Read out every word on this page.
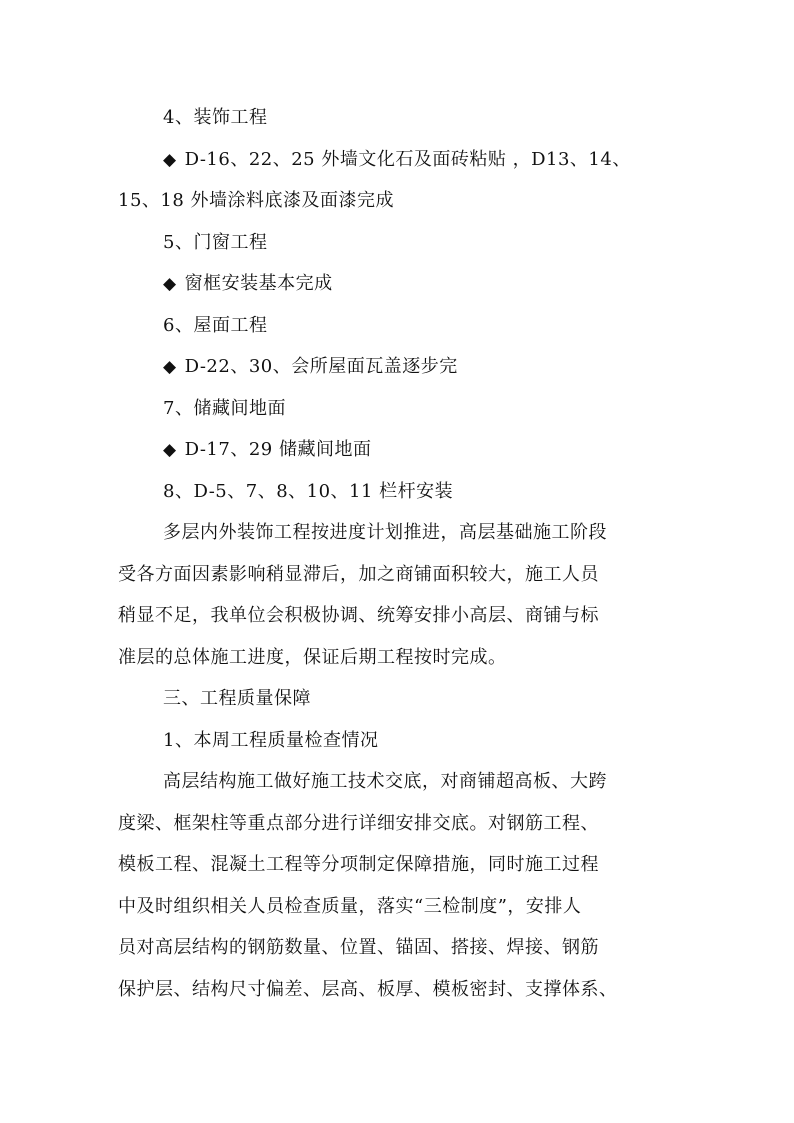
4、装饰工程
◆ D-16、22、25 外墙文化石及面砖粘贴 ，D13、14、
15、18 外墙涂料底漆及面漆完成
5、门窗工程
◆ 窗框安装基本完成
6、屋面工程
◆ D-22、30、会所屋面瓦盖逐步完
7、储藏间地面
◆ D-17、29 储藏间地面
8、D-5、7、8、10、11 栏杆安装
多层内外装饰工程按进度计划推进，高层基础施工阶段
受各方面因素影响稍显滞后，加之商铺面积较大，施工人员
稍显不足，我单位会积极协调、统筹安排小高层、商铺与标
准层的总体施工进度，保证后期工程按时完成。
三、工程质量保障
1、本周工程质量检查情况
高层结构施工做好施工技术交底，对商铺超高板、大跨
度梁、框架柱等重点部分进行详细安排交底。对钢筋工程、
模板工程、混凝土工程等分项制定保障措施，同时施工过程
中及时组织相关人员检查质量，落实“三检制度”，安排人
员对高层结构的钢筋数量、位置、锚固、搭接、焊接、钢筋
保护层、结构尺寸偏差、层高、板厚、模板密封、支撑体系、
